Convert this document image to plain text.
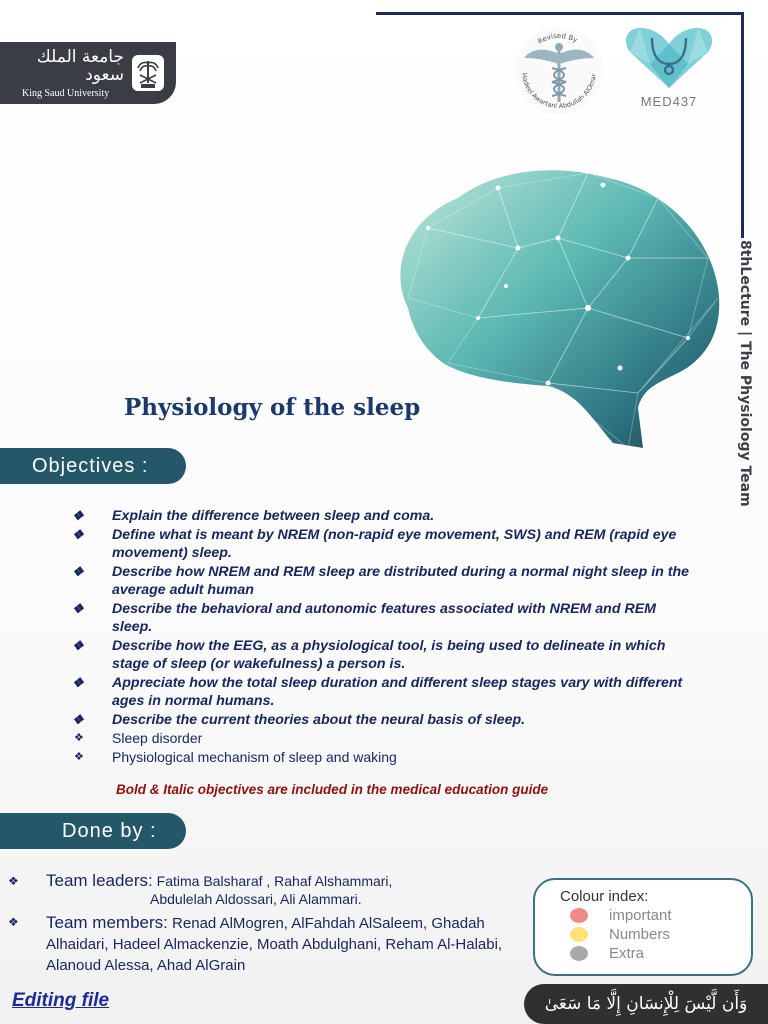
جامعة الملك سعود
King Saud University
Revised By
Hadeel Awartani Abdullah AlOmar
MED437
8thLecture | The Physiology Team
Physiology of the sleep
Objectives :
❖ Explain the difference between sleep and coma.
❖ Define what is meant by NREM (non-rapid eye movement, SWS) and REM (rapid eye movement) sleep.
❖ Describe how NREM and REM sleep are distributed during a normal night sleep in the average adult human
❖ Describe the behavioral and autonomic features associated with NREM and REM sleep.
❖ Describe how the EEG, as a physiological tool, is being used to delineate in which stage of sleep (or wakefulness) a person is.
❖ Appreciate how the total sleep duration and different sleep stages vary with different ages in normal humans.
❖ Describe the current theories about the neural basis of sleep.
❖ Sleep disorder
❖ Physiological mechanism of sleep and waking
Bold & Italic objectives are included in the medical education guide
Done by :
❖ Team leaders: Fatima Balsharaf , Rahaf Alshammari,
Abdulelah Aldossari, Ali Alammari.
❖ Team members: Renad AlMogren, AlFahdah AlSaleem, Ghadah Alhaidari, Hadeel Almackenzie, Moath Abdulghani, Reham Al-Halabi, Alanoud Alessa, Ahad AlGrain
Colour index:
important
Numbers
Extra
Editing file	وَأَن لَّيْسَ لِلْإِنسَانِ إِلَّا مَا سَعَىٰ
